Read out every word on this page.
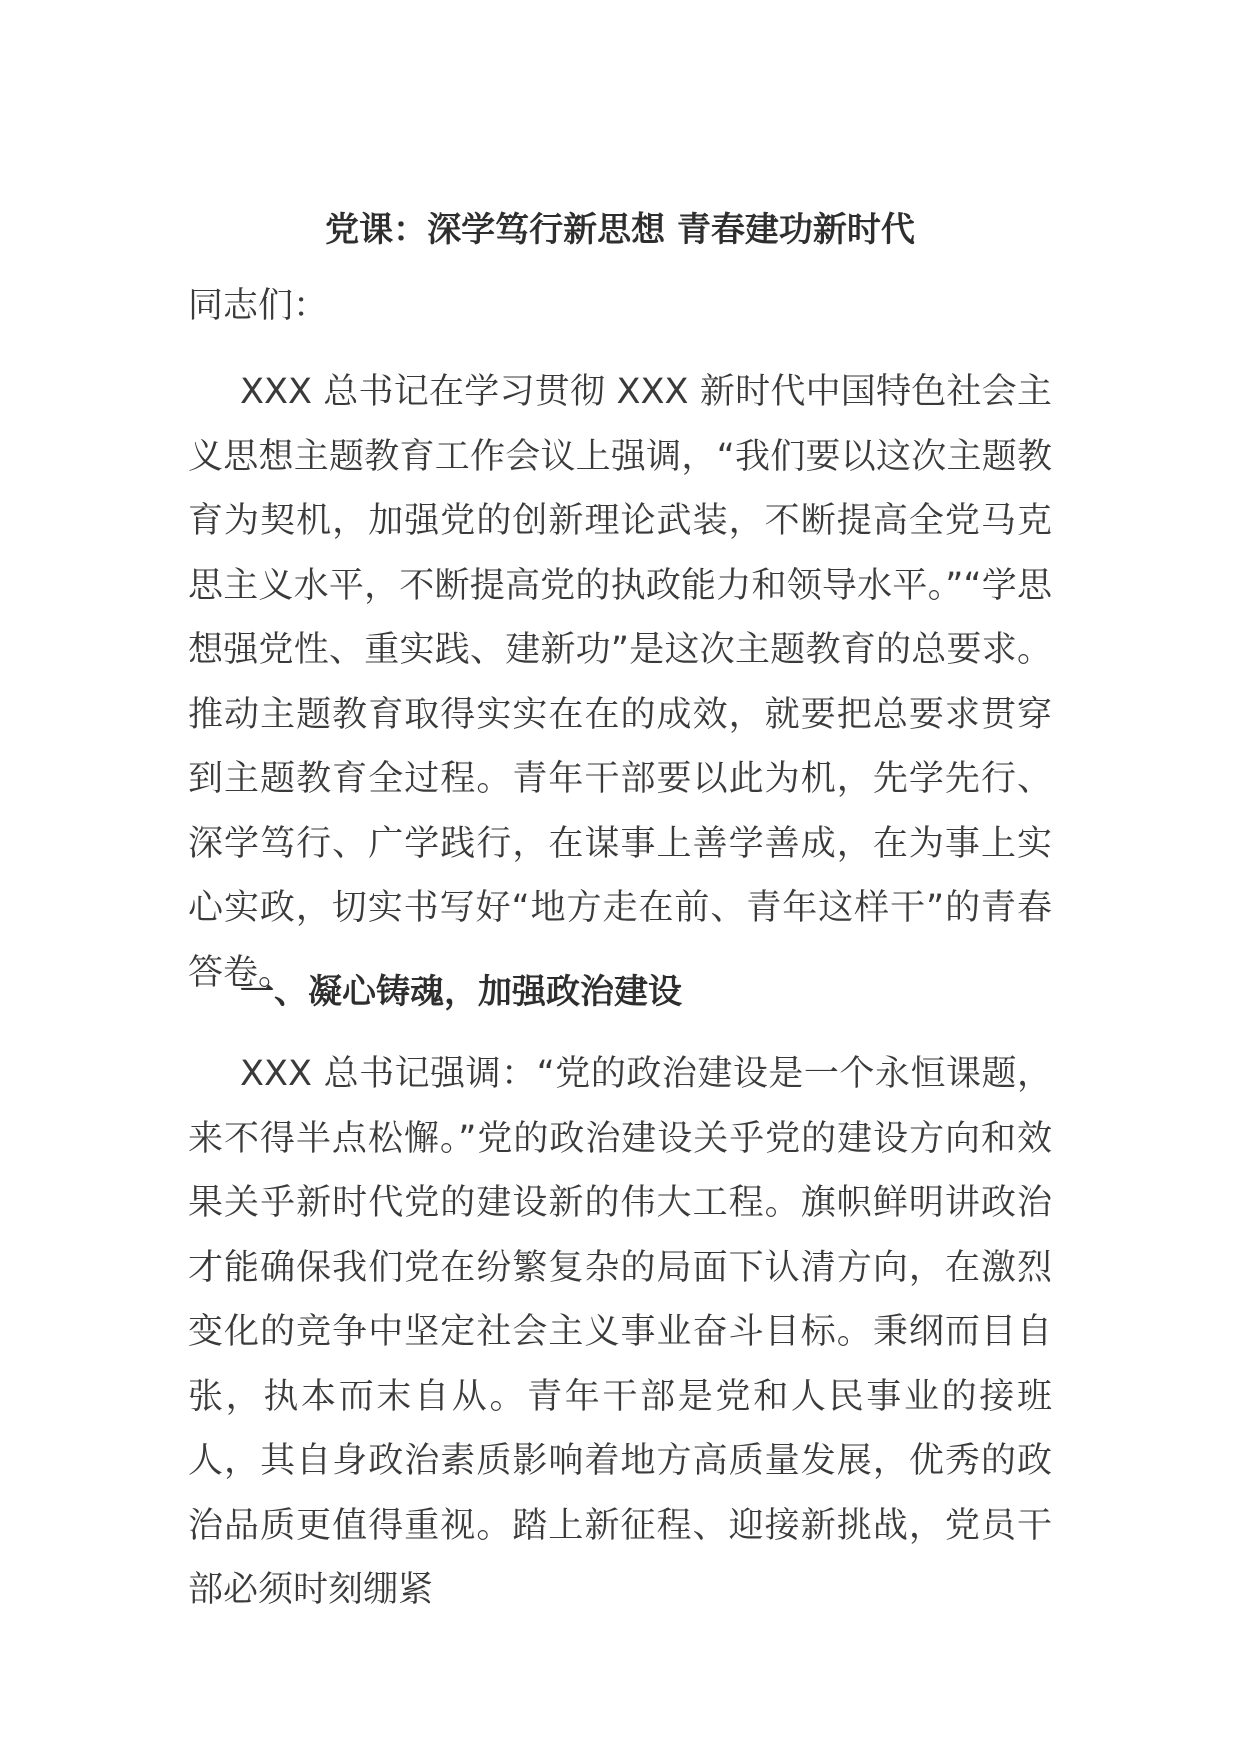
党课：深学笃行新思想 青春建功新时代
同志们：
XXX 总书记在学习贯彻 XXX 新时代中国特色社会主义思想主题教育工作会议上强调，“我们要以这次主题教育为契机，加强党的创新理论武装，不断提高全党马克思主义水平，不断提高党的执政能力和领导水平。”“学思想强党性、重实践、建新功”是这次主题教育的总要求。推动主题教育取得实实在在的成效，就要把总要求贯穿到主题教育全过程。青年干部要以此为机，先学先行、深学笃行、广学践行，在谋事上善学善成，在为事上实心实政，切实书写好“地方走在前、青年这样干”的青春答卷。
一、凝心铸魂，加强政治建设
XXX 总书记强调：“党的政治建设是一个永恒课题，来不得半点松懈。”党的政治建设关乎党的建设方向和效果关乎新时代党的建设新的伟大工程。旗帜鲜明讲政治才能确保我们党在纷繁复杂的局面下认清方向，在激烈变化的竞争中坚定社会主义事业奋斗目标。秉纲而目自张，执本而末自从。青年干部是党和人民事业的接班人，其自身政治素质影响着地方高质量发展，优秀的政治品质更值得重视。踏上新征程、迎接新挑战，党员干部必须时刻绷紧
